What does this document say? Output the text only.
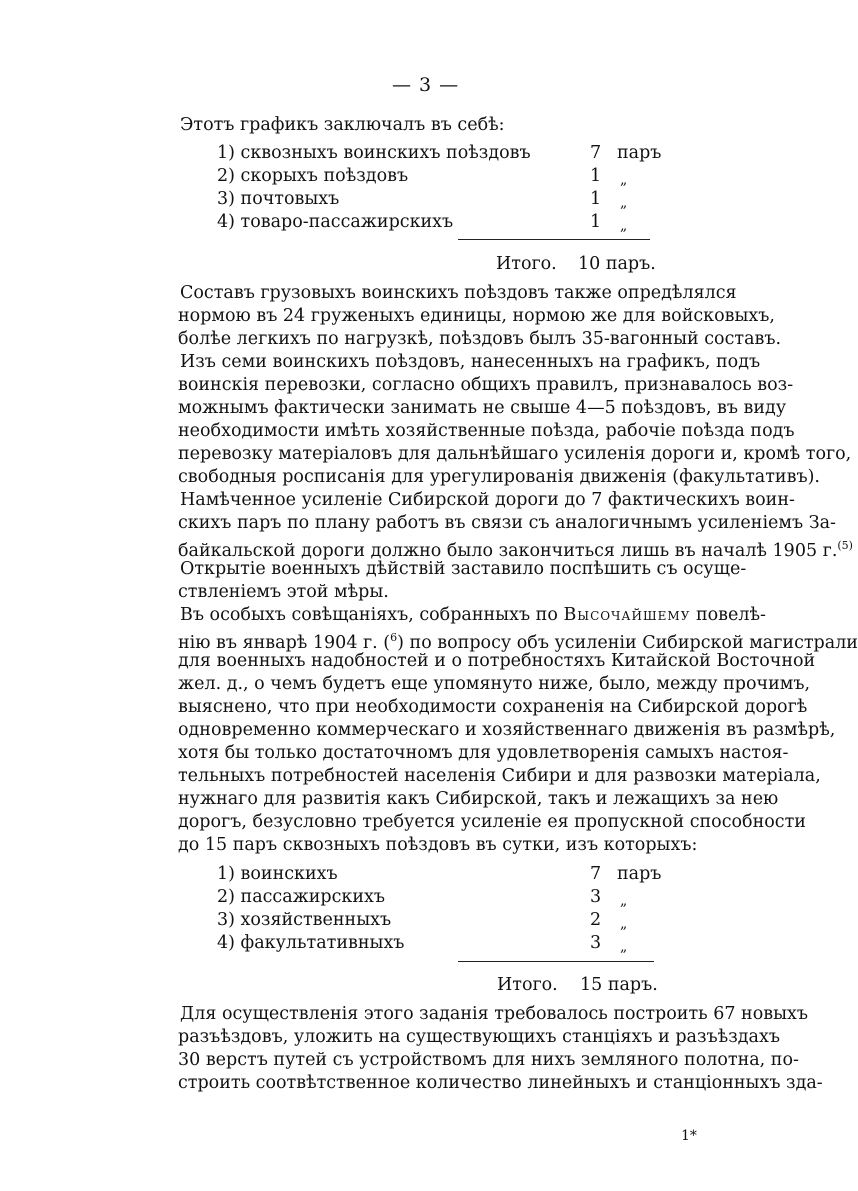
— 3 —
Этотъ графикъ заключалъ въ себѣ:
1) сквозныхъ воинскихъ поѣздовъ	7 паръ
2) скорыхъ поѣздовъ	1 „
3) почтовыхъ	1 „
4) товаро-пассажирскихъ	1 „
Итого. 10 паръ.
Составъ грузовыхъ воинскихъ поѣздовъ также опредѣлялся
нормою въ 24 груженыхъ единицы, нормою же для войсковыхъ,
болѣе легкихъ по нагрузкѣ, поѣздовъ былъ 35-вагонный составъ.
Изъ семи воинскихъ поѣздовъ, нанесенныхъ на графикъ, подъ
воинскія перевозки, согласно общихъ правилъ, признавалось воз-
можнымъ фактически занимать не свыше 4—5 поѣздовъ, въ виду
необходимости имѣть хозяйственные поѣзда, рабочіе поѣзда подъ
перевозку матеріаловъ для дальнѣйшаго усиленія дороги и, кромѣ того,
свободныя росписанія для урегулированія движенія (факультативъ).
Намѣченное усиленіе Сибирской дороги до 7 фактическихъ воин-
скихъ паръ по плану работъ въ связи съ аналогичнымъ усиленіемъ За-
байкальской дороги должно было закончиться лишь въ началѣ 1905 г.$^{(5)}$
Открытіе военныхъ дѣйствій заставило поспѣшить съ осуще-
ствленіемъ этой мѣры.
Въ особыхъ совѣщаніяхъ, собранныхъ по Высочайшему повелѣ-
нію въ январѣ 1904 г. ($^6$) по вопросу объ усиленіи Сибирской магистрали
для военныхъ надобностей и о потребностяхъ Китайской Восточной
жел. д., о чемъ будетъ еще упомянуто ниже, было, между прочимъ,
выяснено, что при необходимости сохраненія на Сибирской дорогѣ
одновременно коммерческаго и хозяйственнаго движенія въ размѣрѣ,
хотя бы только достаточномъ для удовлетворенія самыхъ настоя-
тельныхъ потребностей населенія Сибири и для развозки матеріала,
нужнаго для развитія какъ Сибирской, такъ и лежащихъ за нею
дорогъ, безусловно требуется усиленіе ея пропускной способности
до 15 паръ сквозныхъ поѣздовъ въ сутки, изъ которыхъ:
1) воинскихъ	7 паръ
2) пассажирскихъ	3 „
3) хозяйственныхъ	2 „
4) факультативныхъ	3 „
Итого. 15 паръ.
Для осуществленія этого заданія требовалось построить 67 новыхъ
разъѣздовъ, уложить на существующихъ станціяхъ и разъѣздахъ
30 верстъ путей съ устройствомъ для нихъ земляного полотна, по-
строить соотвѣтственное количество линейныхъ и станціонныхъ зда-
1*
